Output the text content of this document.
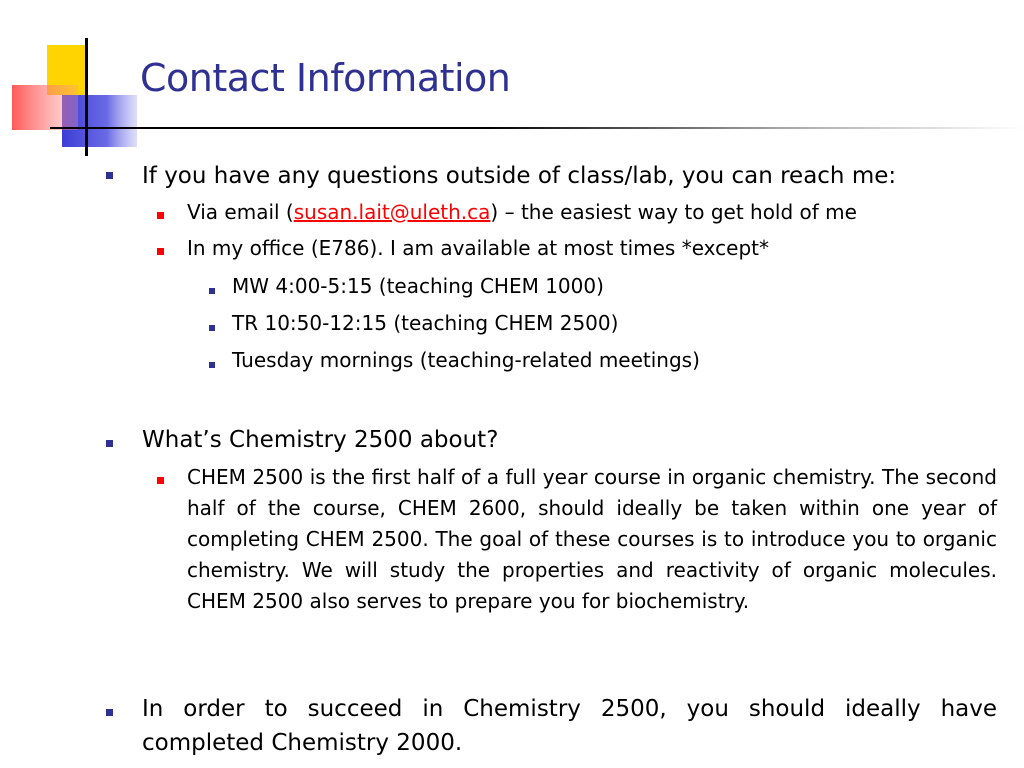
Contact Information
If you have any questions outside of class/lab, you can reach me:
Via email (susan.lait@uleth.ca) – the easiest way to get hold of me
In my office (E786). I am available at most times *except*
MW 4:00-5:15 (teaching CHEM 1000)
TR 10:50-12:15 (teaching CHEM 2500)
Tuesday mornings (teaching-related meetings)
What’s Chemistry 2500 about?
CHEM 2500 is the first half of a full year course in organic chemistry. The second half of the course, CHEM 2600, should ideally be taken within one year of completing CHEM 2500. The goal of these courses is to introduce you to organic chemistry. We will study the properties and reactivity of organic molecules. CHEM 2500 also serves to prepare you for biochemistry.
In order to succeed in Chemistry 2500, you should ideally have completed Chemistry 2000.
